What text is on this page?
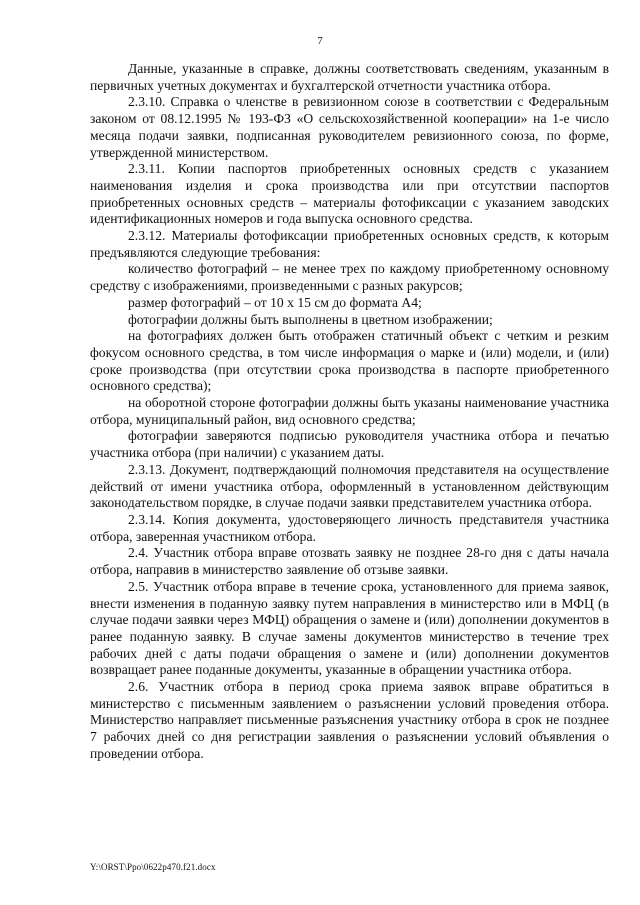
7

Данные, указанные в справке, должны соответствовать сведениям, указанным в первичных учетных документах и бухгалтерской отчетности участника отбора.

2.3.10. Справка о членстве в ревизионном союзе в соответствии с Федеральным законом от 08.12.1995 № 193-ФЗ «О сельскохозяйственной кооперации» на 1-е число месяца подачи заявки, подписанная руководителем ревизионного союза, по форме, утвержденной министерством.

2.3.11. Копии паспортов приобретенных основных средств с указанием наименования изделия и срока производства или при отсутствии паспортов приобретенных основных средств – материалы фотофиксации с указанием заводских идентификационных номеров и года выпуска основного средства.

2.3.12. Материалы фотофиксации приобретенных основных средств, к которым предъявляются следующие требования:

количество фотографий – не менее трех по каждому приобретенному основному средству с изображениями, произведенными с разных ракурсов;

размер фотографий – от 10 х 15 см до формата А4;

фотографии должны быть выполнены в цветном изображении;

на фотографиях должен быть отображен статичный объект с четким и резким фокусом основного средства, в том числе информация о марке и (или) модели, и (или) сроке производства (при отсутствии срока производства в паспорте приобретенного основного средства);

на оборотной стороне фотографии должны быть указаны наименование участника отбора, муниципальный район, вид основного средства;

фотографии заверяются подписью руководителя участника отбора и печатью участника отбора (при наличии) с указанием даты.

2.3.13. Документ, подтверждающий полномочия представителя на осуществление действий от имени участника отбора, оформленный в установленном действующим законодательством порядке, в случае подачи заявки представителем участника отбора.

2.3.14. Копия документа, удостоверяющего личность представителя участника отбора, заверенная участником отбора.

2.4. Участник отбора вправе отозвать заявку не позднее 28-го дня с даты начала отбора, направив в министерство заявление об отзыве заявки.

2.5. Участник отбора вправе в течение срока, установленного для приема заявок, внести изменения в поданную заявку путем направления в министерство или в МФЦ (в случае подачи заявки через МФЦ) обращения о замене и (или) дополнении документов в ранее поданную заявку. В случае замены документов министерство в течение трех рабочих дней с даты подачи обращения о замене и (или) дополнении документов возвращает ранее поданные документы, указанные в обращении участника отбора.

2.6. Участник отбора в период срока приема заявок вправе обратиться в министерство с письменным заявлением о разъяснении условий проведения отбора. Министерство направляет письменные разъяснения участнику отбора в срок не позднее 7 рабочих дней со дня регистрации заявления о разъяснении условий объявления о проведении отбора.

Y:\ORST\Ppo\0622p470.f21.docx
